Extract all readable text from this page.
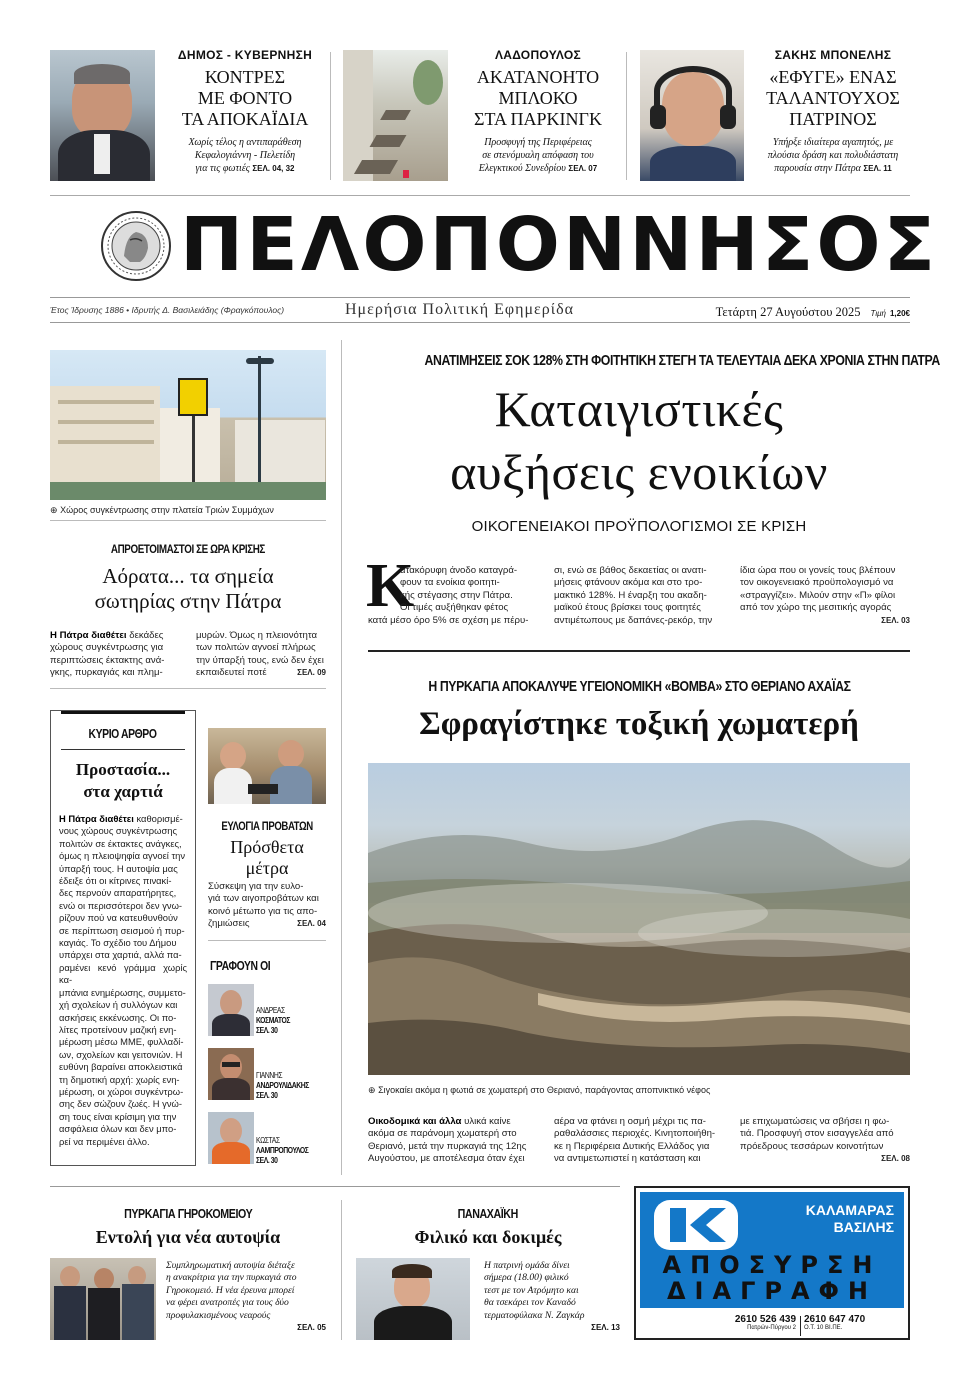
ΔΗΜΟΣ - ΚΥΒΕΡΝΗΣΗ
ΚΟΝΤΡΕΣ
ΜΕ ΦΟΝΤΟ
ΤΑ ΑΠΟΚΑΪΔΙΑ
Χωρίς τέλος η αντιπαράθεση
Κεφαλογιάννη - Πελετίδη
για τις φωτιές ΣΕΛ. 04, 32
ΛΑΔΟΠΟΥΛΟΣ
ΑΚΑΤΑΝΟΗΤΟ
ΜΠΛΟΚΟ
ΣΤΑ ΠΑΡΚΙΝΓΚ
Προσφυγή της Περιφέρειας
σε στενόμυαλη απόφαση του
Ελεγκτικού Συνεδρίου ΣΕΛ. 07
ΣΑΚΗΣ ΜΠΟΝΕΛΗΣ
«ΕΦΥΓΕ» ΕΝΑΣ
ΤΑΛΑΝΤΟΥΧΟΣ
ΠΑΤΡΙΝΟΣ
Υπήρξε ιδιαίτερα αγαπητός, με
πλούσια δράση και πολυδιάστατη
παρουσία στην Πάτρα ΣΕΛ. 11
ΠΕΛΟΠΟΝΝΗΣΟΣ
Έτος Ίδρυσης 1886 • Ιδρυτής Δ. Βασιλειάδης (Φραγκόπουλος)	Ημερήσια Πολιτική Εφημερίδα	Τετάρτη 27 Αυγούστου 2025 Τιμή 1,20€
⊕ Χώρος συγκέντρωσης στην πλατεία Τριών Συμμάχων
ΑΠΡΟΕΤΟΙΜΑΣΤΟΙ ΣΕ ΩΡΑ ΚΡΙΣΗΣ
Αόρατα... τα σημεία
σωτηρίας στην Πάτρα
Η Πάτρα διαθέτει δεκάδες
χώρους συγκέντρωσης για
περιπτώσεις έκτακτης ανά-
γκης, πυρκαγιάς και πλημ-
μυρών. Όμως η πλειονότητα
των πολιτών αγνοεί πλήρως
την ύπαρξή τους, ενώ δεν έχει
εκπαιδευτεί ποτέ	ΣΕΛ. 09
ΚΥΡΙΟ ΑΡΘΡΟ
Προστασία...
στα χαρτιά
Η Πάτρα διαθέτει καθορισμέ-
νους χώρους συγκέντρωσης
πολιτών σε έκτακτες ανάγκες,
όμως η πλειοψηφία αγνοεί την
ύπαρξή τους. Η αυτοψία μας
έδειξε ότι οι κίτρινες πινακί-
δες περνούν απαρατήρητες,
ενώ οι περισσότεροι δεν γνω-
ρίζουν πού να κατευθυνθούν
σε περίπτωση σεισμού ή πυρ-
καγιάς. Το σχέδιο του Δήμου
υπάρχει στα χαρτιά, αλλά πα-
ραμένει κενό γράμμα χωρίς κα-
μπάνια ενημέρωσης, συμμετο-
χή σχολείων ή συλλόγων και
ασκήσεις εκκένωσης. Οι πο-
λίτες προτείνουν μαζική ενη-
μέρωση μέσω ΜΜΕ, φυλλαδί-
ων, σχολείων και γειτονιών. Η
ευθύνη βαραίνει αποκλειστικά
τη δημοτική αρχή: χωρίς ενη-
μέρωση, οι χώροι συγκέντρω-
σης δεν σώζουν ζωές. Η γνώ-
ση τους είναι κρίσιμη για την
ασφάλεια όλων και δεν μπο-
ρεί να περιμένει άλλο.
ΕΥΛΟΓΙΑ ΠΡΟΒΑΤΩΝ
Πρόσθετα
μέτρα
Σύσκεψη για την ευλο-
γιά των αιγοπροβάτων και
κοινό μέτωπο για τις απο-
ζημιώσεις	ΣΕΛ. 04
ΓΡΑΦΟΥΝ ΟΙ
ΑΝΔΡΕΑΣ
ΚΟΣΜΑΤΟΣ
ΣΕΛ. 30
ΓΙΑΝΝΗΣ
ΑΝΔΡΟΥΛΙΔΑΚΗΣ
ΣΕΛ. 30
ΚΩΣΤΑΣ
ΛΑΜΠΡΟΠΟΥΛΟΣ
ΣΕΛ. 30
ΑΝΑΤΙΜΗΣΕΙΣ ΣΟΚ 128% ΣΤΗ ΦΟΙΤΗΤΙΚΗ ΣΤΕΓΗ ΤΑ ΤΕΛΕΥΤΑΙΑ ΔΕΚΑ ΧΡΟΝΙΑ ΣΤΗΝ ΠΑΤΡΑ
Καταιγιστικές
αυξήσεις ενοικίων
ΟΙΚΟΓΕΝΕΙΑΚΟΙ ΠΡΟΫΠΟΛΟΓΙΣΜΟΙ ΣΕ ΚΡΙΣΗ
Κ
ατακόρυφη άνοδο καταγρά-
φουν τα ενοίκια φοιτητι-
κής στέγασης στην Πάτρα.
Οι τιμές αυξήθηκαν φέτος
κατά μέσο όρο 5% σε σχέση με πέρυ-
σι, ενώ σε βάθος δεκαετίας οι ανατι-
μήσεις φτάνουν ακόμα και στο τρο-
μακτικό 128%. Η έναρξη του ακαδη-
μαϊκού έτους βρίσκει τους φοιτητές
αντιμέτωπους με δαπάνες-ρεκόρ, την
ίδια ώρα που οι γονείς τους βλέπουν
τον οικογενειακό προϋπολογισμό να
«στραγγίζει». Μιλούν στην «Π» φίλοι
από τον χώρο της μεσιτικής αγοράς
ΣΕΛ. 03
Η ΠΥΡΚΑΓΙΑ ΑΠΟΚΑΛΥΨΕ ΥΓΕΙΟΝΟΜΙΚΗ «ΒΟΜΒΑ» ΣΤΟ ΘΕΡΙΑΝΟ ΑΧΑΪΑΣ
Σφραγίστηκε τοξική χωματερή
⊕ Σιγοκαίει ακόμα η φωτιά σε χωματερή στο Θεριανό, παράγοντας αποπνικτικό νέφος
Οικοδομικά και άλλα υλικά καίνε
ακόμα σε παράνομη χωματερή στο
Θεριανό, μετά την πυρκαγιά της 12ης
Αυγούστου, με αποτέλεσμα όταν έχει
αέρα να φτάνει η οσμή μέχρι τις πα-
ραθαλάσσιες περιοχές. Κινητοποιήθη-
κε η Περιφέρεια Δυτικής Ελλάδος για
να αντιμετωπιστεί η κατάσταση και
με επιχωματώσεις να σβήσει η φω-
τιά. Προσφυγή στον εισαγγελέα από
πρόεδρους τεσσάρων κοινοτήτων
ΣΕΛ. 08
ΠΥΡΚΑΓΙΑ ΓΗΡΟΚΟΜΕΙΟΥ
Εντολή για νέα αυτοψία
Συμπληρωματική αυτοψία διέταξε
η ανακρίτρια για την πυρκαγιά στο
Γηροκομειό. Η νέα έρευνα μπορεί
να φέρει ανατροπές για τους δύο
προφυλακισμένους νεαρούς
ΣΕΛ. 05
ΠΑΝΑΧΑΪΚΗ
Φιλικό και δοκιμές
Η πατρινή ομάδα δίνει
σήμερα (18.00) φιλικό
τεστ με τον Ατρόμητο και
θα τσεκάρει τον Καναδό
τερματοφύλακα Ν. Ζαγκάρ
ΣΕΛ. 13
ΚΑΛΑΜΑΡΑΣ
ΒΑΣΙΛΗΣ
ΑΠΟΣΥΡΣΗ
ΔΙΑΓΡΑΦΗ
2610 526 439
Πατρών-Πύργου 2
2610 647 470
Ο.Τ. 10 ΒΙ.ΠΕ.
